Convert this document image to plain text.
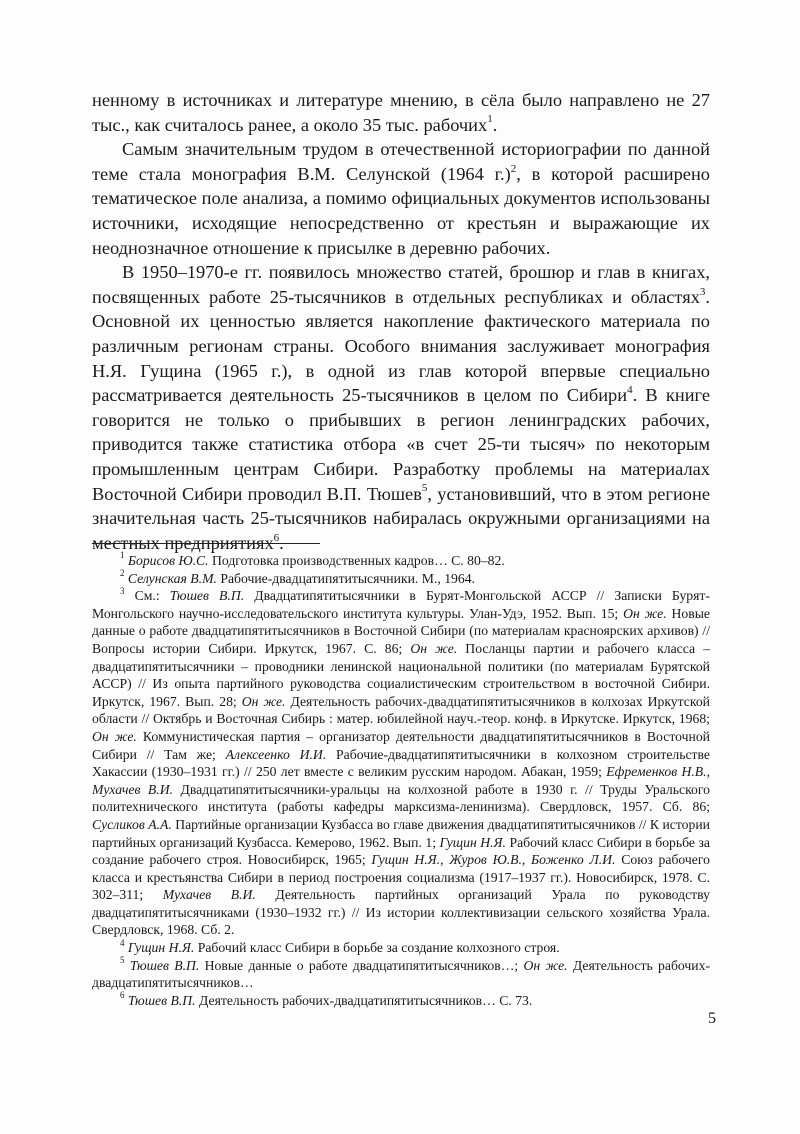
ненному в источниках и литературе мнению, в сёла было направлено не 27 тыс., как считалось ранее, а около 35 тыс. рабочих$^1$.

Самым значительным трудом в отечественной историографии по данной теме стала монография В.М. Селунской (1964 г.)$^2$, в которой расширено тематическое поле анализа, а помимо официальных документов использованы источники, исходящие непосредственно от крестьян и выражающие их неоднозначное отношение к присылке в деревню рабочих.

В 1950–1970-е гг. появилось множество статей, брошюр и глав в книгах, посвященных работе 25-тысячников в отдельных республиках и областях$^3$. Основной их ценностью является накопление фактического материала по различным регионам страны. Особого внимания заслуживает монография Н.Я. Гущина (1965 г.), в одной из глав которой впервые специально рассматривается деятельность 25-тысячников в целом по Сибири$^4$. В книге говорится не только о прибывших в регион ленинградских рабочих, приводится также статистика отбора «в счет 25-ти тысяч» по некоторым промышленным центрам Сибири. Разработку проблемы на материалах Восточной Сибири проводил В.П. Тюшев$^5$, установивший, что в этом регионе значительная часть 25-тысячников набиралась окружными организациями на местных предприятиях$^6$.

$^1$ Борисов Ю.С. Подготовка производственных кадров… С. 80–82.

$^2$ Селунская В.М. Рабочие-двадцатипятитысячники. М., 1964.

$^3$ См.: Тюшев В.П. Двадцатипятитысячники в Бурят-Монгольской АССР // Записки Бурят-Монгольского научно-исследовательского института культуры. Улан-Удэ, 1952. Вып. 15; Он же. Новые данные о работе двадцатипятитысячников в Восточной Сибири (по материалам красноярских архивов) // Вопросы истории Сибири. Иркутск, 1967. С. 86; Он же. Посланцы партии и рабочего класса – двадцатипятитысячники – проводники ленинской национальной политики (по материалам Бурятской АССР) // Из опыта партийного руководства социалистическим строительством в восточной Сибири. Иркутск, 1967. Вып. 28; Он же. Деятельность рабочих-двадцатипятитысячников в колхозах Иркутской области // Октябрь и Восточная Сибирь : матер. юбилейной науч.-теор. конф. в Иркутске. Иркутск, 1968; Он же. Коммунистическая партия – организатор деятельности двадцатипятитысячников в Восточной Сибири // Там же; Алексеенко И.И. Рабочие-двадцатипятитысячники в колхозном строительстве Хакассии (1930–1931 гг.) // 250 лет вместе с великим русским народом. Абакан, 1959; Ефременков Н.В., Мухачев В.И. Двадцатипятитысячники-уральцы на колхозной работе в 1930 г. // Труды Уральского политехнического института (работы кафедры марксизма-ленинизма). Свердловск, 1957. Сб. 86; Сусликов А.А. Партийные организации Кузбасса во главе движения двадцатипятитысячников // К истории партийных организаций Кузбасса. Кемерово, 1962. Вып. 1; Гущин Н.Я. Рабочий класс Сибири в борьбе за создание рабочего строя. Новосибирск, 1965; Гущин Н.Я., Журов Ю.В., Боженко Л.И. Союз рабочего класса и крестьянства Сибири в период построения социализма (1917–1937 гг.). Новосибирск, 1978. С. 302–311; Мухачев В.И. Деятельность партийных организаций Урала по руководству двадцатипятитысячниками (1930–1932 гг.) // Из истории коллективизации сельского хозяйства Урала. Свердловск, 1968. Сб. 2.

$^4$ Гущин Н.Я. Рабочий класс Сибири в борьбе за создание колхозного строя.

$^5$ Тюшев В.П. Новые данные о работе двадцатипятитысячников…; Он же. Деятельность рабочих-двадцатипятитысячников…

$^6$ Тюшев В.П. Деятельность рабочих-двадцатипятитысячников… С. 73.

5
